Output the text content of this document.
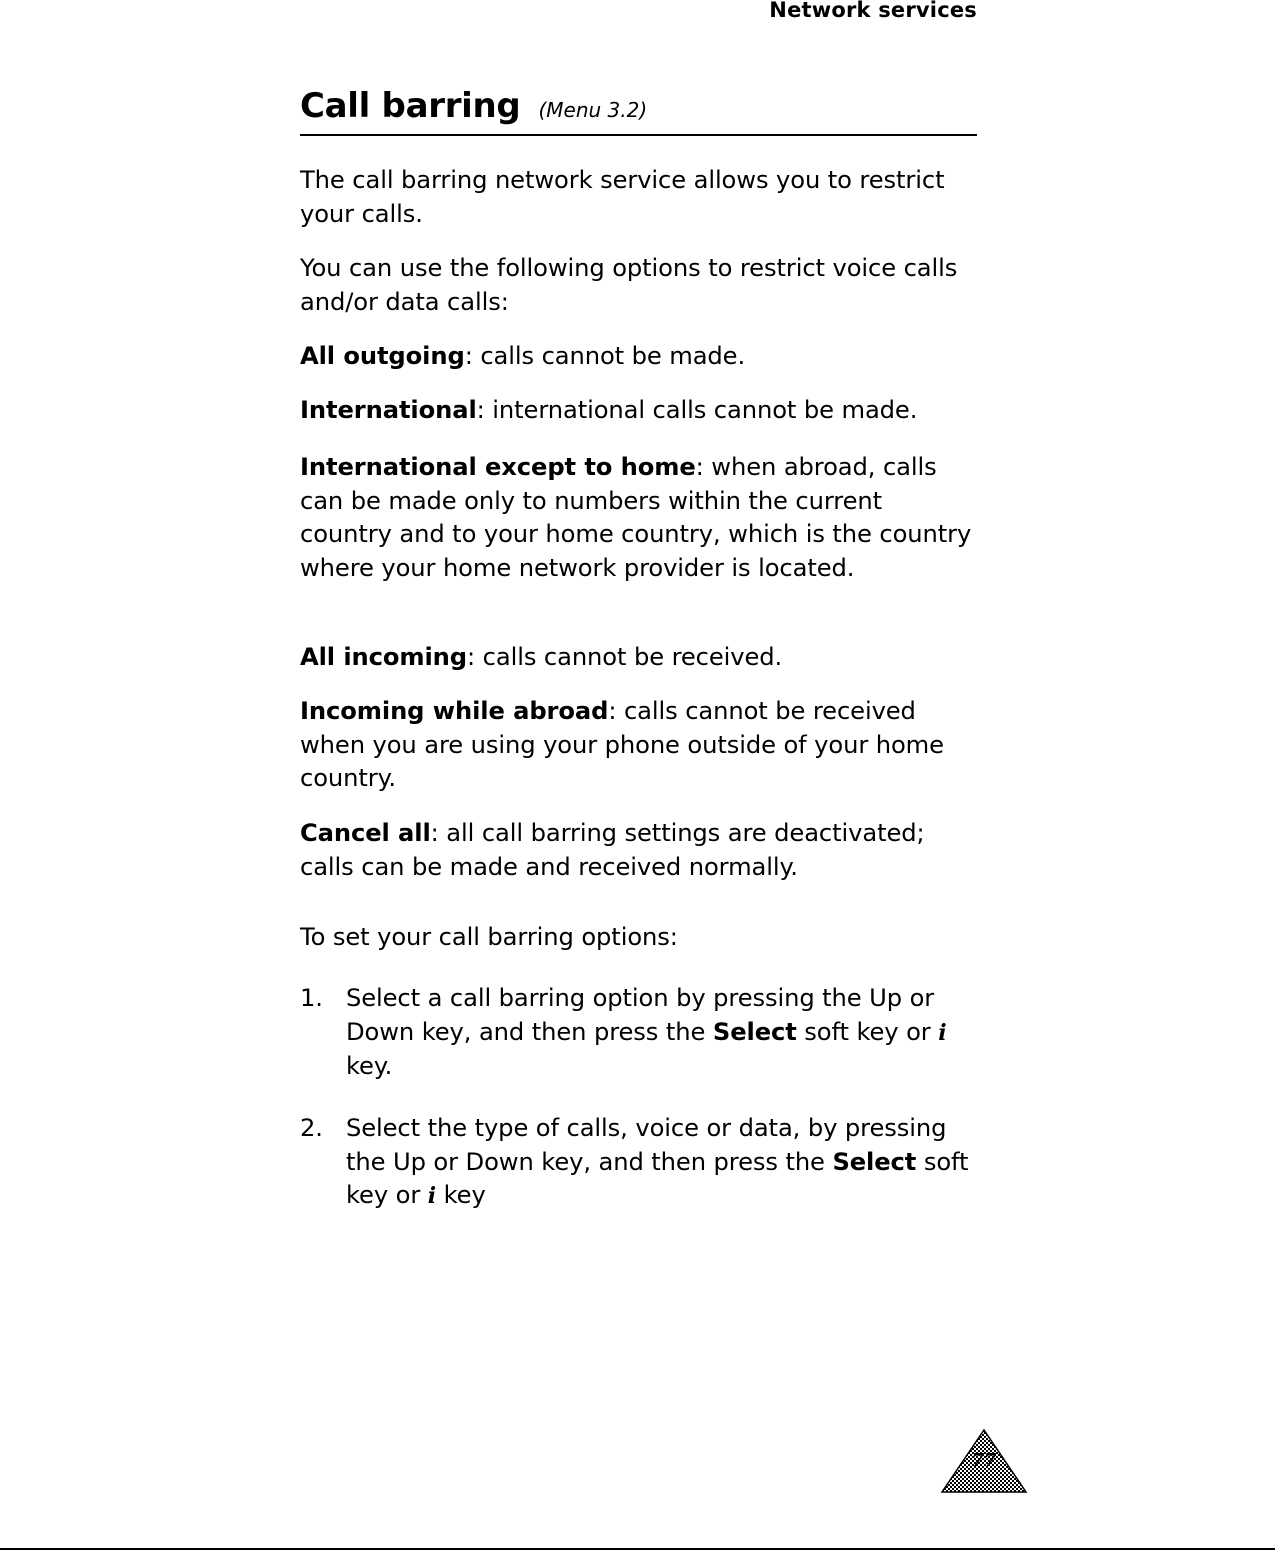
Network services
Call barring (Menu 3.2)
The call barring network service allows you to restrict your calls.
You can use the following options to restrict voice calls and/or data calls:
All outgoing: calls cannot be made.
International: international calls cannot be made.
International except to home: when abroad, calls can be made only to numbers within the current country and to your home country, which is the country where your home network provider is located.
All incoming: calls cannot be received.
Incoming while abroad: calls cannot be received when you are using your phone outside of your home country.
Cancel all: all call barring settings are deactivated; calls can be made and received normally.
To set your call barring options:
1. Select a call barring option by pressing the Up or Down key, and then press the Select soft key or i key.
2. Select the type of calls, voice or data, by pressing the Up or Down key, and then press the Select soft key or i key
77
